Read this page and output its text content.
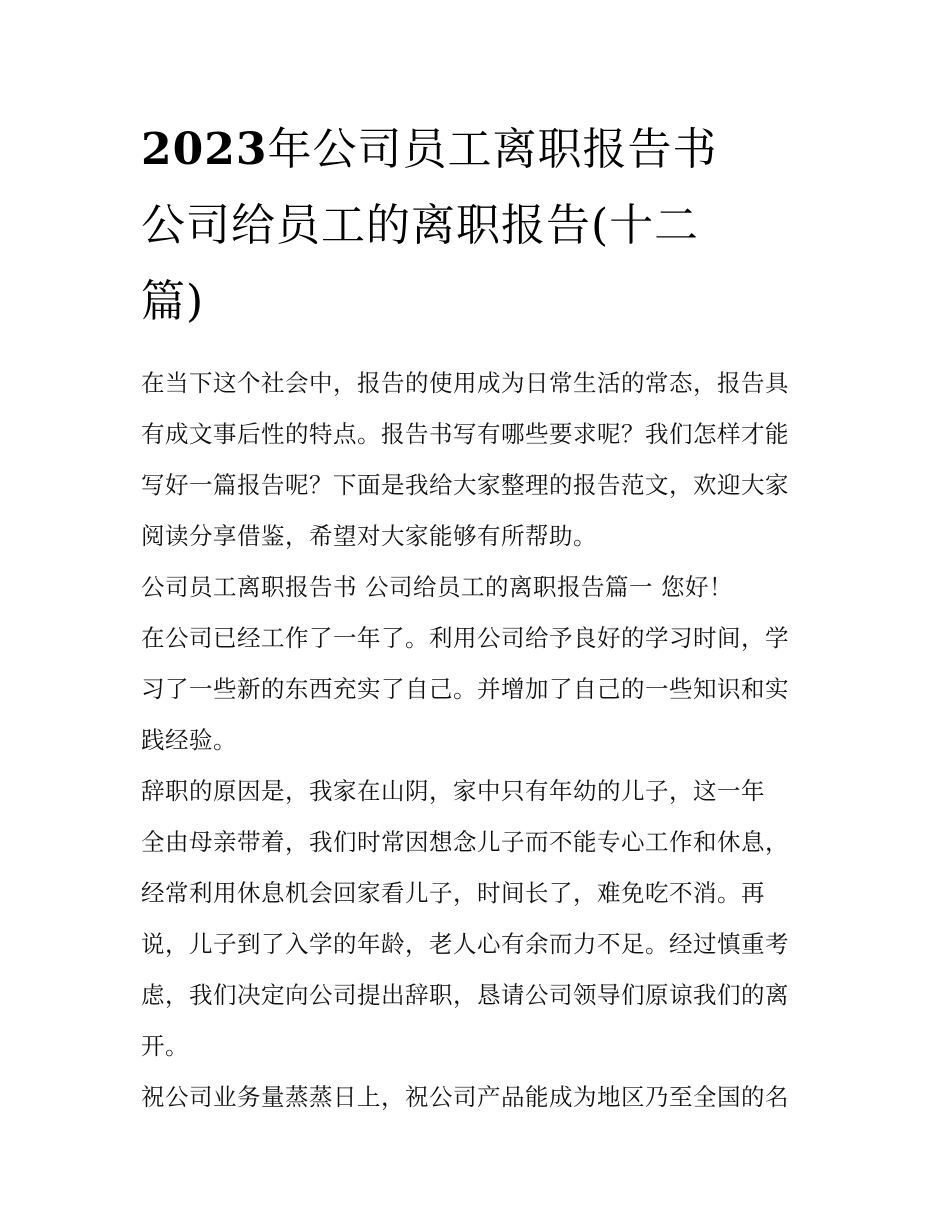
2023年公司员工离职报告书
公司给员工的离职报告(十二
篇)
在当下这个社会中，报告的使用成为日常生活的常态，报告具
有成文事后性的特点。报告书写有哪些要求呢？我们怎样才能
写好一篇报告呢？下面是我给大家整理的报告范文，欢迎大家
阅读分享借鉴，希望对大家能够有所帮助。
公司员工离职报告书 公司给员工的离职报告篇一 您好！
在公司已经工作了一年了。利用公司给予良好的学习时间，学
习了一些新的东西充实了自己。并增加了自己的一些知识和实
践经验。
辞职的原因是，我家在山阴，家中只有年幼的儿子，这一年
全由母亲带着，我们时常因想念儿子而不能专心工作和休息，
经常利用休息机会回家看儿子，时间长了，难免吃不消。再
说，儿子到了入学的年龄，老人心有余而力不足。经过慎重考
虑，我们决定向公司提出辞职，恳请公司领导们原谅我们的离
开。
祝公司业务量蒸蒸日上，祝公司产品能成为地区乃至全国的名
